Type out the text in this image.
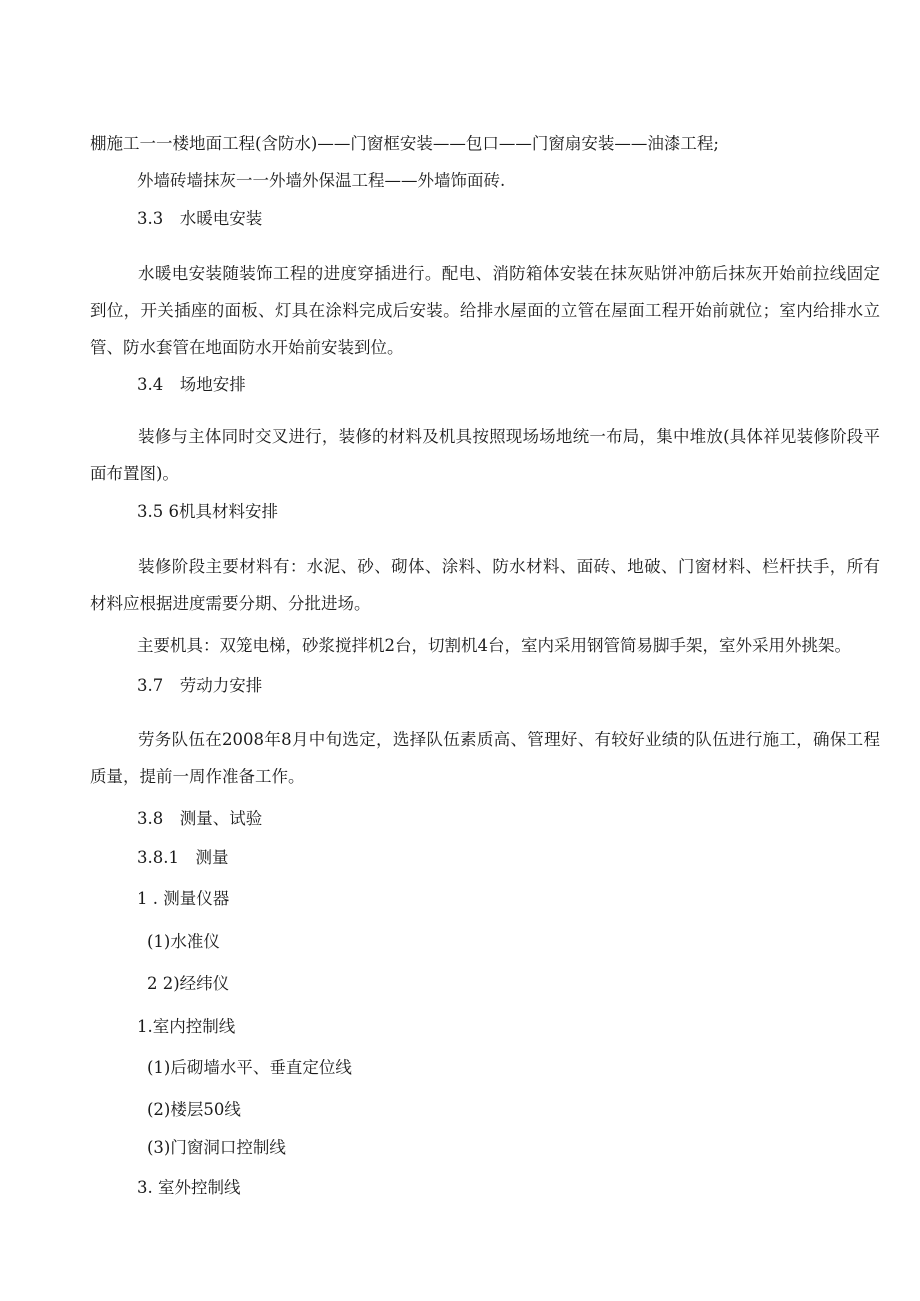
棚施工一一楼地面工程(含防水)——门窗框安装——包口——门窗扇安装——油漆工程;
外墙砖墙抹灰一一外墙外保温工程——外墙饰面砖.
3.3　水暖电安装
水暖电安装随装饰工程的进度穿插进行。配电、消防箱体安装在抹灰贴饼冲筋后抹灰开始前拉线固定到位，开关插座的面板、灯具在涂料完成后安装。给排水屋面的立管在屋面工程开始前就位；室内给排水立管、防水套管在地面防水开始前安装到位。
3.4　场地安排
装修与主体同时交叉进行，装修的材料及机具按照现场场地统一布局，集中堆放(具体祥见装修阶段平面布置图)。
3.5 6机具材料安排
装修阶段主要材料有：水泥、砂、砌体、涂料、防水材料、面砖、地破、门窗材料、栏杆扶手，所有材料应根据进度需要分期、分批进场。
主要机具：双笼电梯，砂浆搅拌机2台，切割机4台，室内采用钢管简易脚手架，室外采用外挑架。
3.7　劳动力安排
劳务队伍在2008年8月中旬选定，选择队伍素质高、管理好、有较好业绩的队伍进行施工，确保工程质量，提前一周作准备工作。
3.8　测量、试验
3.8.1　测量
1 . 测量仪器
(1)水准仪
2 2)经纬仪
1.室内控制线
(1)后砌墙水平、垂直定位线
(2)楼层50线
(3)门窗洞口控制线
3. 室外控制线
